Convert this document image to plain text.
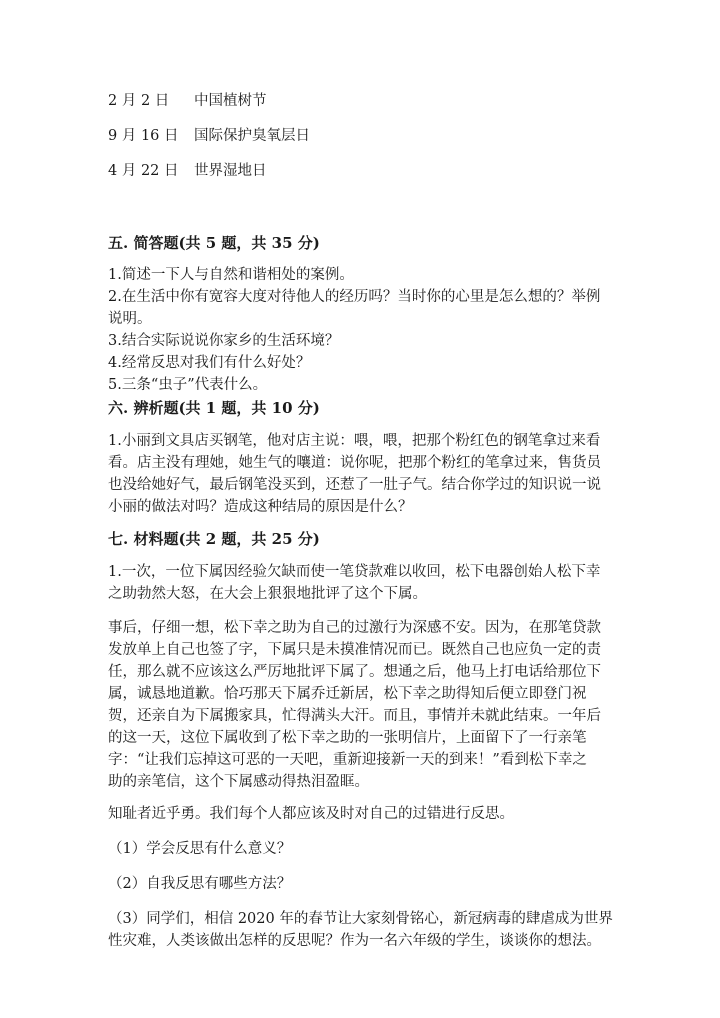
2 月 2 日 中国植树节
9 月 16 日 国际保护臭氧层日
4 月 22 日 世界湿地日
五. 简答题(共 5 题，共 35 分)
1.简述一下人与自然和谐相处的案例。
2.在生活中你有宽容大度对待他人的经历吗？当时你的心里是怎么想的？举例
说明。
3.结合实际说说你家乡的生活环境？
4.经常反思对我们有什么好处？
5.三条“虫子”代表什么。
六. 辨析题(共 1 题，共 10 分)
1.小丽到文具店买钢笔，他对店主说：喂，喂，把那个粉红色的钢笔拿过来看
看。店主没有理她，她生气的嚷道：说你呢，把那个粉红的笔拿过来，售货员
也没给她好气，最后钢笔没买到，还惹了一肚子气。结合你学过的知识说一说
小丽的做法对吗？造成这种结局的原因是什么？
七. 材料题(共 2 题，共 25 分)
1.一次，一位下属因经验欠缺而使一笔贷款难以收回，松下电器创始人松下幸
之助勃然大怒，在大会上狠狠地批评了这个下属。
事后，仔细一想，松下幸之助为自己的过激行为深感不安。因为，在那笔贷款
发放单上自己也签了字，下属只是未摸准情况而已。既然自己也应负一定的责
任，那么就不应该这么严厉地批评下属了。想通之后，他马上打电话给那位下
属，诚恳地道歉。恰巧那天下属乔迁新居，松下幸之助得知后便立即登门祝
贺，还亲自为下属搬家具，忙得满头大汗。而且，事情并未就此结束。一年后
的这一天，这位下属收到了松下幸之助的一张明信片，上面留下了一行亲笔
字：“让我们忘掉这可恶的一天吧，重新迎接新一天的到来！”看到松下幸之
助的亲笔信，这个下属感动得热泪盈眶。
知耻者近乎勇。我们每个人都应该及时对自己的过错进行反思。
（1）学会反思有什么意义？
（2）自我反思有哪些方法？
（3）同学们，相信 2020 年的春节让大家刻骨铭心，新冠病毒的肆虐成为世界
性灾难，人类该做出怎样的反思呢？作为一名六年级的学生，谈谈你的想法。
